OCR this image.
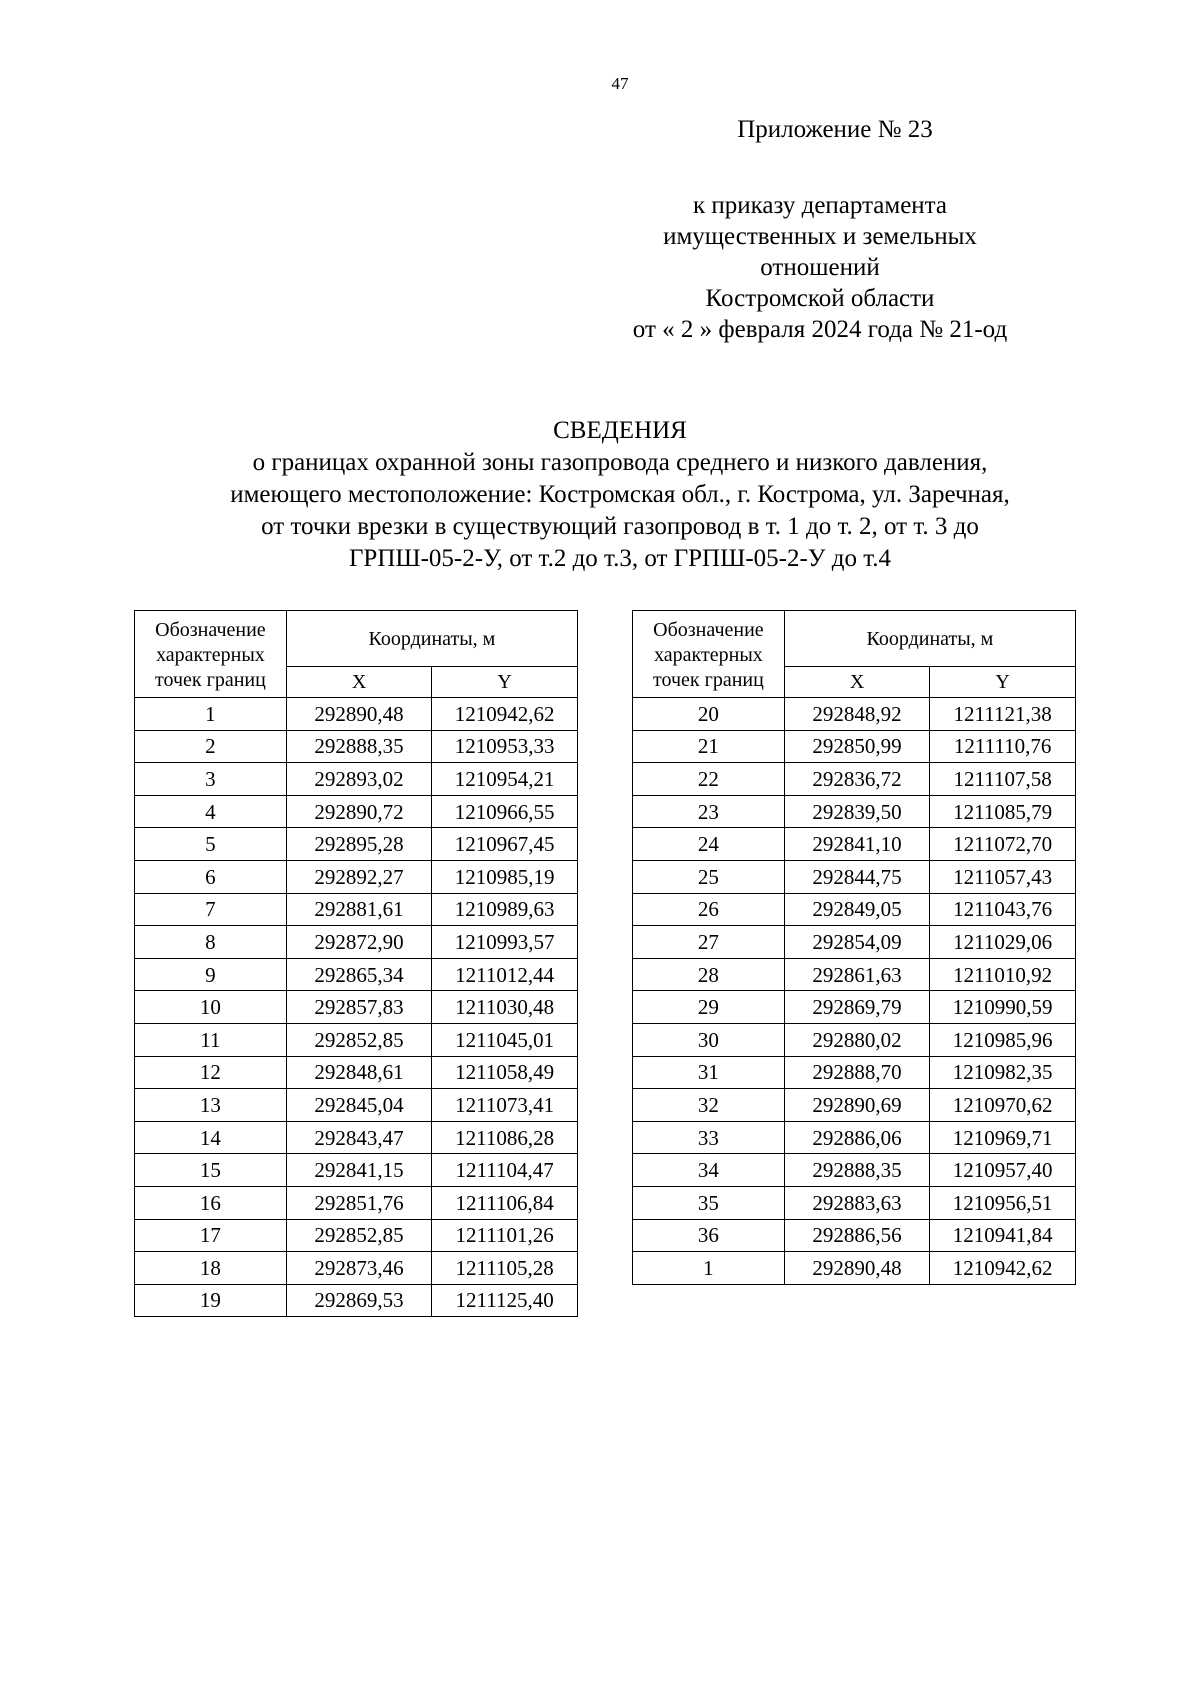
47
Приложение № 23
к приказу департамента
имущественных и земельных
отношений
Костромской области
от « 2 » февраля 2024 года № 21-од
СВЕДЕНИЯ
о границах охранной зоны газопровода среднего и низкого давления,
имеющего местоположение: Костромская обл., г. Кострома, ул. Заречная,
от точки врезки в существующий газопровод в т. 1 до т. 2, от т. 3 до
ГРПШ-05-2-У, от т.2 до т.3, от ГРПШ-05-2-У до т.4
Обозначение характерных точек границ	Координаты, м	
	X	Y
1	292890,48	1210942,62
2	292888,35	1210953,33
3	292893,02	1210954,21
4	292890,72	1210966,55
5	292895,28	1210967,45
6	292892,27	1210985,19
7	292881,61	1210989,63
8	292872,90	1210993,57
9	292865,34	1211012,44
10	292857,83	1211030,48
11	292852,85	1211045,01
12	292848,61	1211058,49
13	292845,04	1211073,41
14	292843,47	1211086,28
15	292841,15	1211104,47
16	292851,76	1211106,84
17	292852,85	1211101,26
18	292873,46	1211105,28
19	292869,53	1211125,40
Обозначение характерных точек границ	Координаты, м	
	X	Y
20	292848,92	1211121,38
21	292850,99	1211110,76
22	292836,72	1211107,58
23	292839,50	1211085,79
24	292841,10	1211072,70
25	292844,75	1211057,43
26	292849,05	1211043,76
27	292854,09	1211029,06
28	292861,63	1211010,92
29	292869,79	1210990,59
30	292880,02	1210985,96
31	292888,70	1210982,35
32	292890,69	1210970,62
33	292886,06	1210969,71
34	292888,35	1210957,40
35	292883,63	1210956,51
36	292886,56	1210941,84
1	292890,48	1210942,62
